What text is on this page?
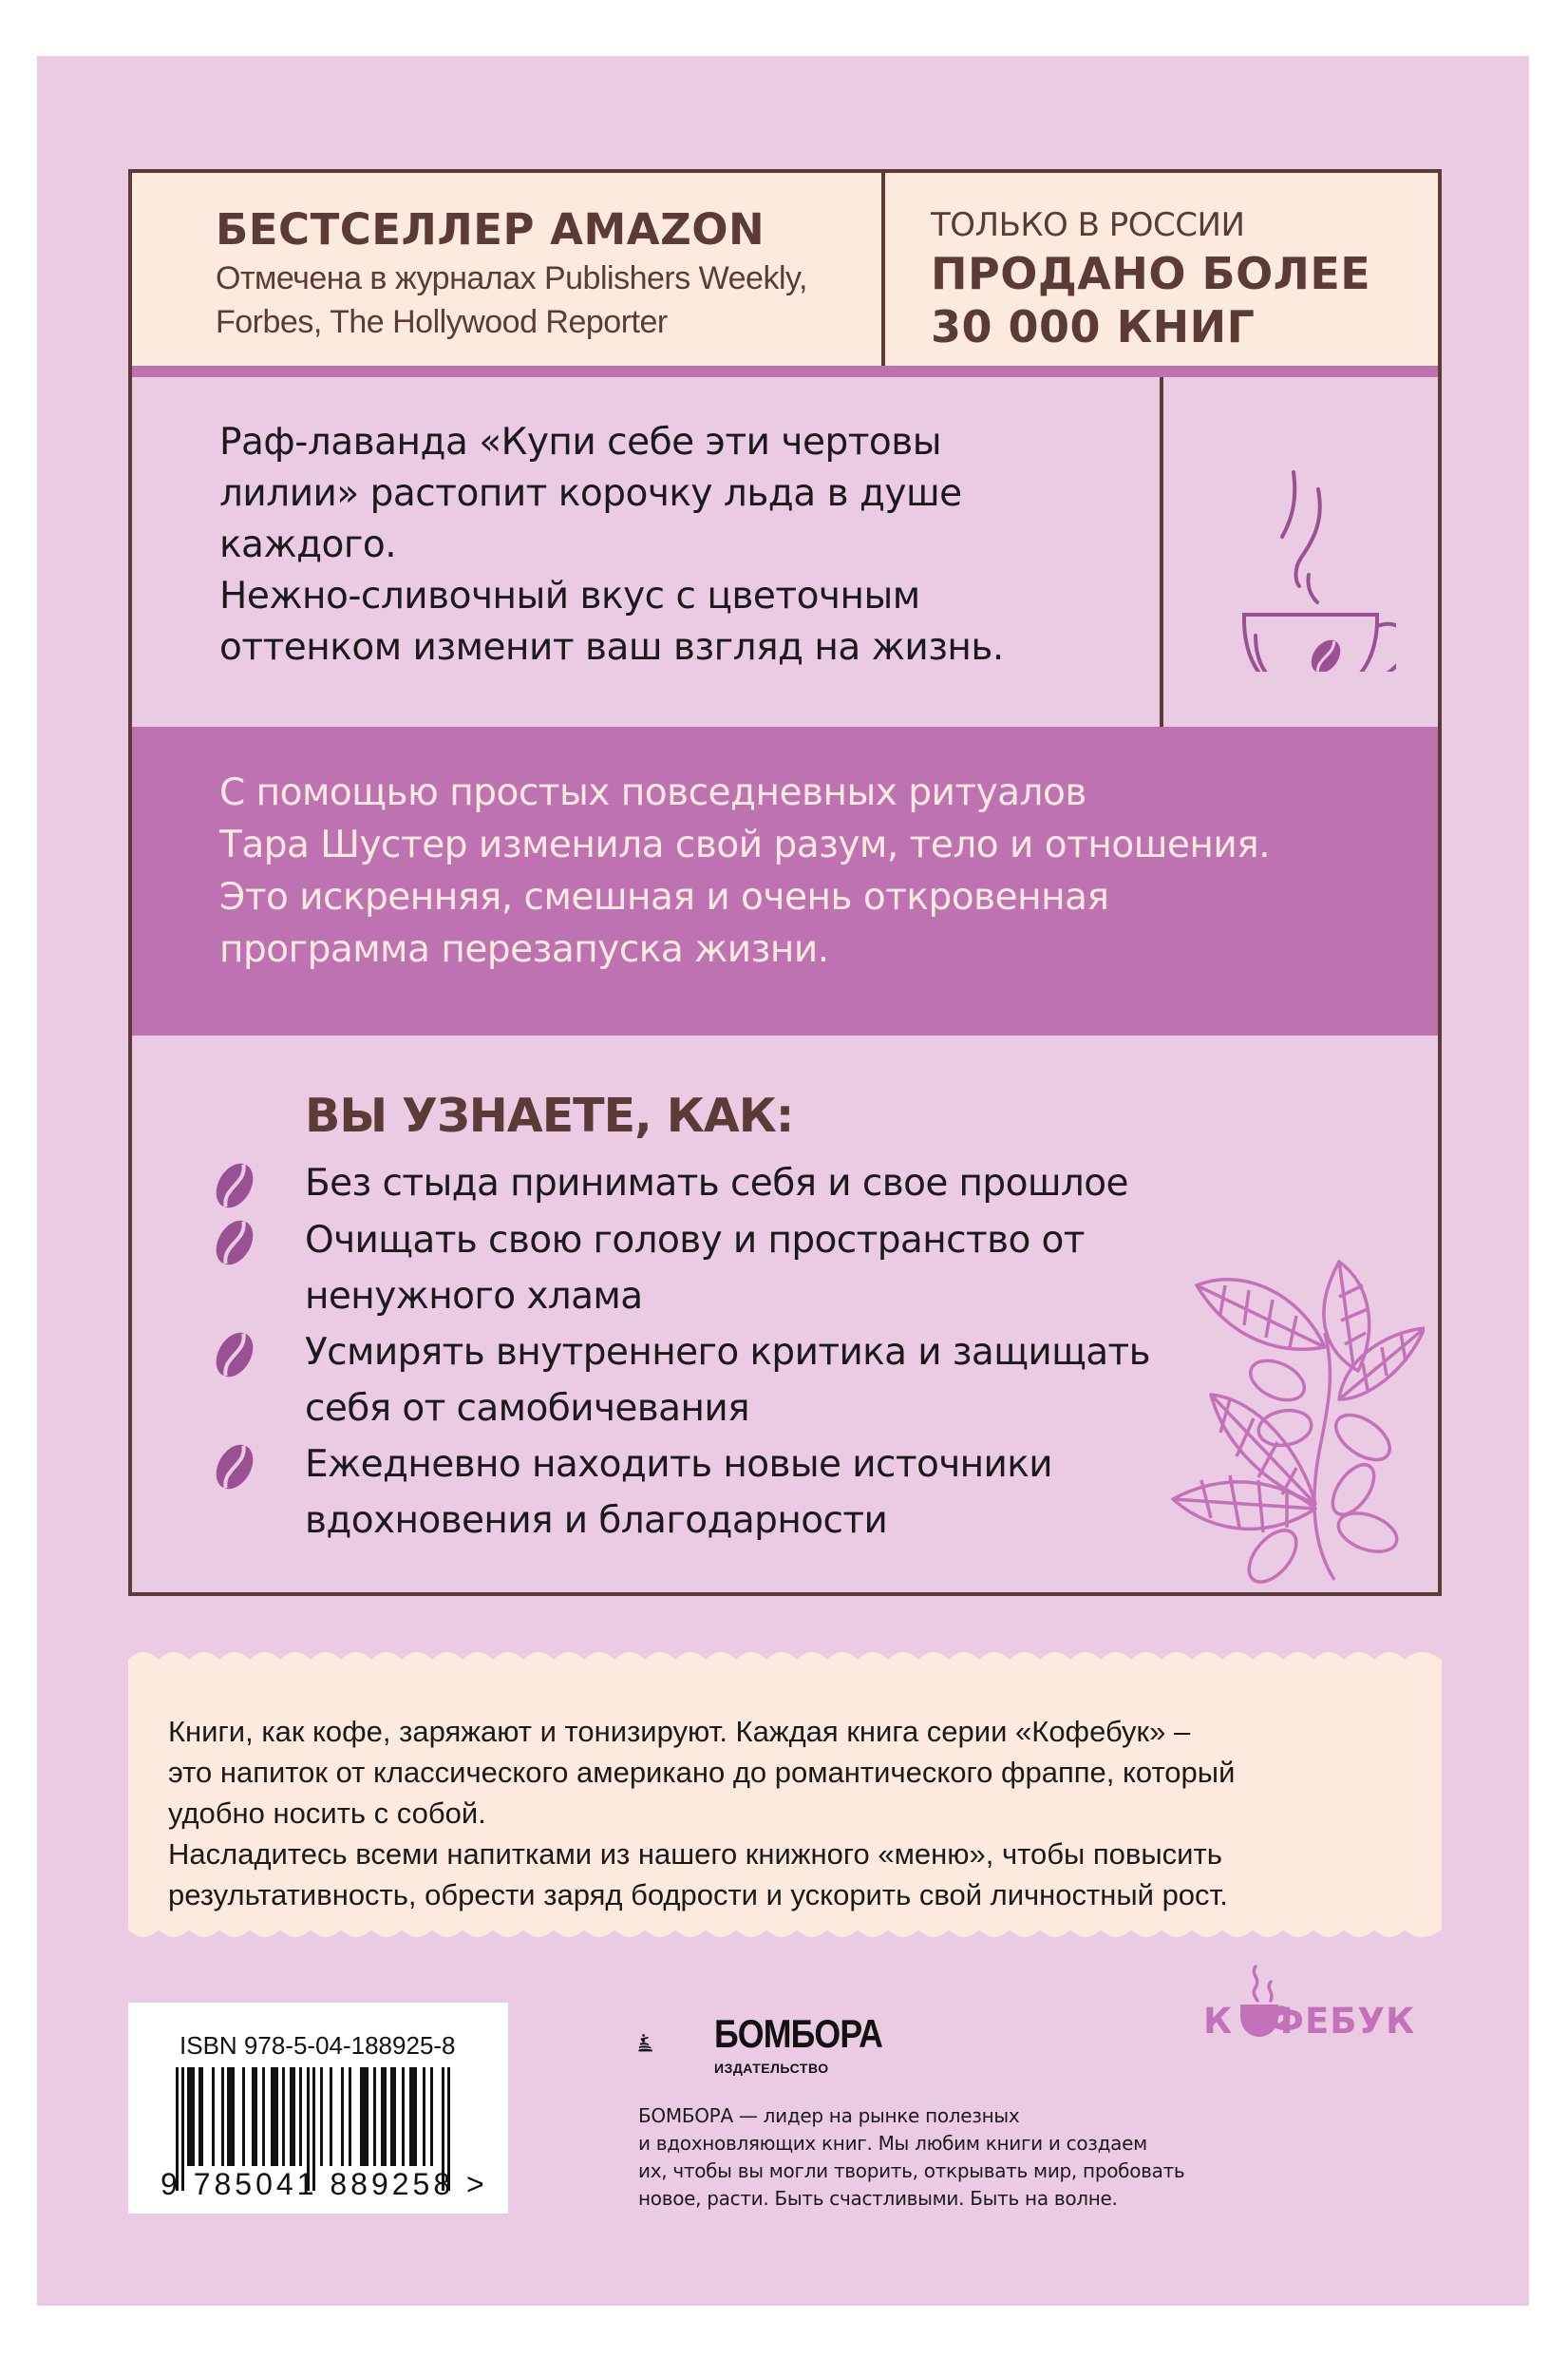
БЕСТСЕЛЛЕР AMAZON
Отмечена в журналах Publishers Weekly,
Forbes, The Hollywood Reporter
ТОЛЬКО В РОССИИ
ПРОДАНО БОЛЕЕ
30 000 КНИГ

Раф-лаванда «Купи себе эти чертовы

лилии» растопит корочку льда в душе

каждого.

Нежно-сливочный вкус с цветочным

оттенком изменит ваш взгляд на жизнь.

С помощью простых повседневных ритуалов

Тара Шустер изменила свой разум, тело и отношения.

Это искренняя, смешная и очень откровенная

программа перезапуска жизни.

ВЫ УЗНАЕТЕ, КАК:
Без стыда принимать себя и свое прошлое
Очищать свою голову и пространство от ненужного хлама
Усмирять внутреннего критика и защищать себя от самобичевания
Ежедневно находить новые источники вдохновения и благодарности

Книги, как кофе, заряжают и тонизируют. Каждая книга серии «Кофебук» –

это напиток от классического американо до романтического фраппе, который

удобно носить с собой.

Насладитесь всеми напитками из нашего книжного «меню», чтобы повысить

результативность, обрести заряд бодрости и ускорить свой личностный рост.

ISBN 978-5-04-188925-8
9 785041 889258 >
БОМБОРА
ИЗДАТЕЛЬСТВО

БОМБОРА — лидер на рынке полезных

и вдохновляющих книг. Мы любим книги и создаем

их, чтобы вы могли творить, открывать мир, пробовать

новое, расти. Быть счастливыми. Быть на волне.

К ФЕБУК
